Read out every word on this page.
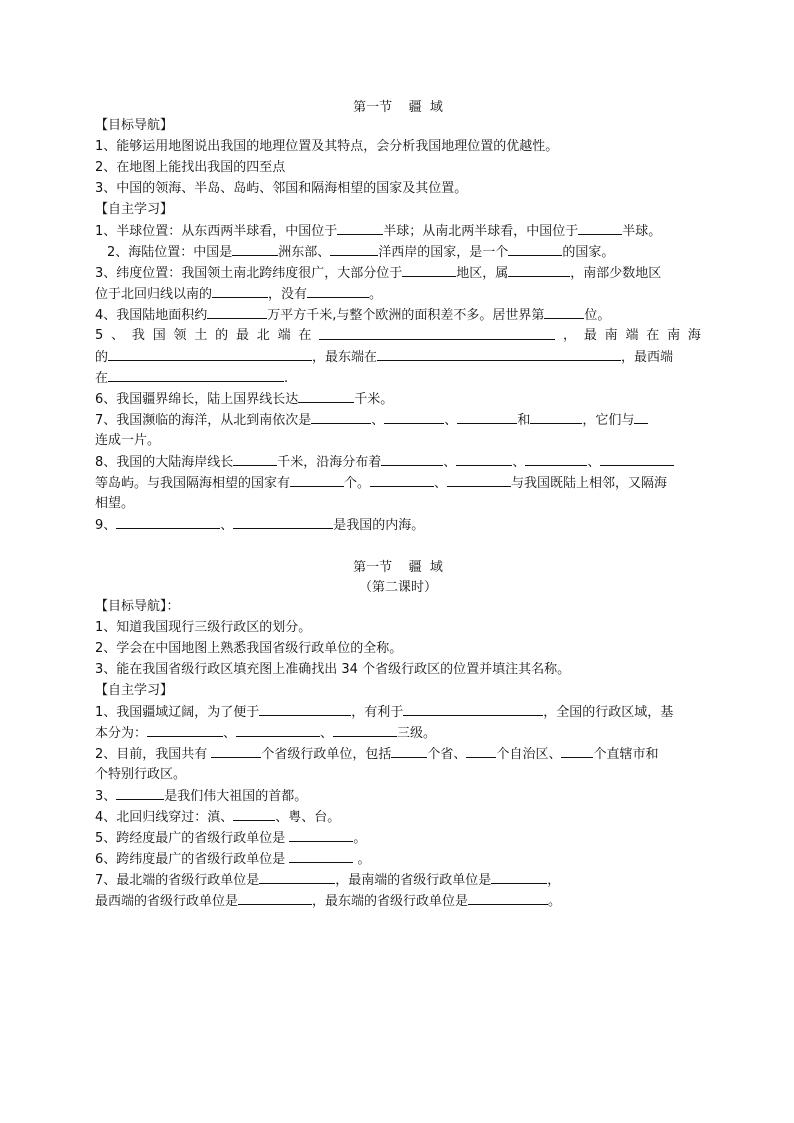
第一节    疆  域
【目标导航】
1、能够运用地图说出我国的地理位置及其特点，会分析我国地理位置的优越性。
2、在地图上能找出我国的四至点
3、中国的领海、半岛、岛屿、邻国和隔海相望的国家及其位置。
【自主学习】
1、半球位置：从东西两半球看，中国位于	半球；从南北两半球看，中国位于	半球。
2、海陆位置：中国是	洲东部、	洋西岸的国家，是一个	的国家。
3、纬度位置：我国领土南北跨纬度很广，大部分位于	地区，属	，南部少数地区
位于北回归线以南的	，没有	。
4、我国陆地面积约	万平方千米,与整个欧洲的面积差不多。居世界第	位。
5 、 我 国 领 土 的 最 北 端 在	， 最 南 端 在 南 海
的	，最东端在	，最西端
在	.
6、我国疆界绵长，陆上国界线长达	千米。
7、我国濒临的海洋，从北到南依次是	、	、	和	，它们与
连成一片。
8、我国的大陆海岸线长	千米，沿海分布着	、	、	、
等岛屿。与我国隔海相望的国家有	个。	、	与我国既陆上相邻，又隔海
相望。
9、	、	是我国的内海。
第一节    疆  域
（第二课时）
【目标导航】：
1、知道我国现行三级行政区的划分。
2、学会在中国地图上熟悉我国省级行政单位的全称。
3、能在我国省级行政区填充图上准确找出 34 个省级行政区的位置并填注其名称。
【自主学习】
1、我国疆域辽阔，为了便于	，有利于	，全国的行政区域，基
本分为：	、	、	三级。
2、目前，我国共有	个省级行政单位，包括	个省、 个自治区、 个直辖市和
个特别行政区。
3、	是我们伟大祖国的首都。
4、北回归线穿过：滇、	、粤、台。
5、跨经度最广的省级行政单位是	。
6、跨纬度最广的省级行政单位是	。
7、最北端的省级行政单位是	，最南端的省级行政单位是	，
最西端的省级行政单位是	，最东端的省级行政单位是	。
